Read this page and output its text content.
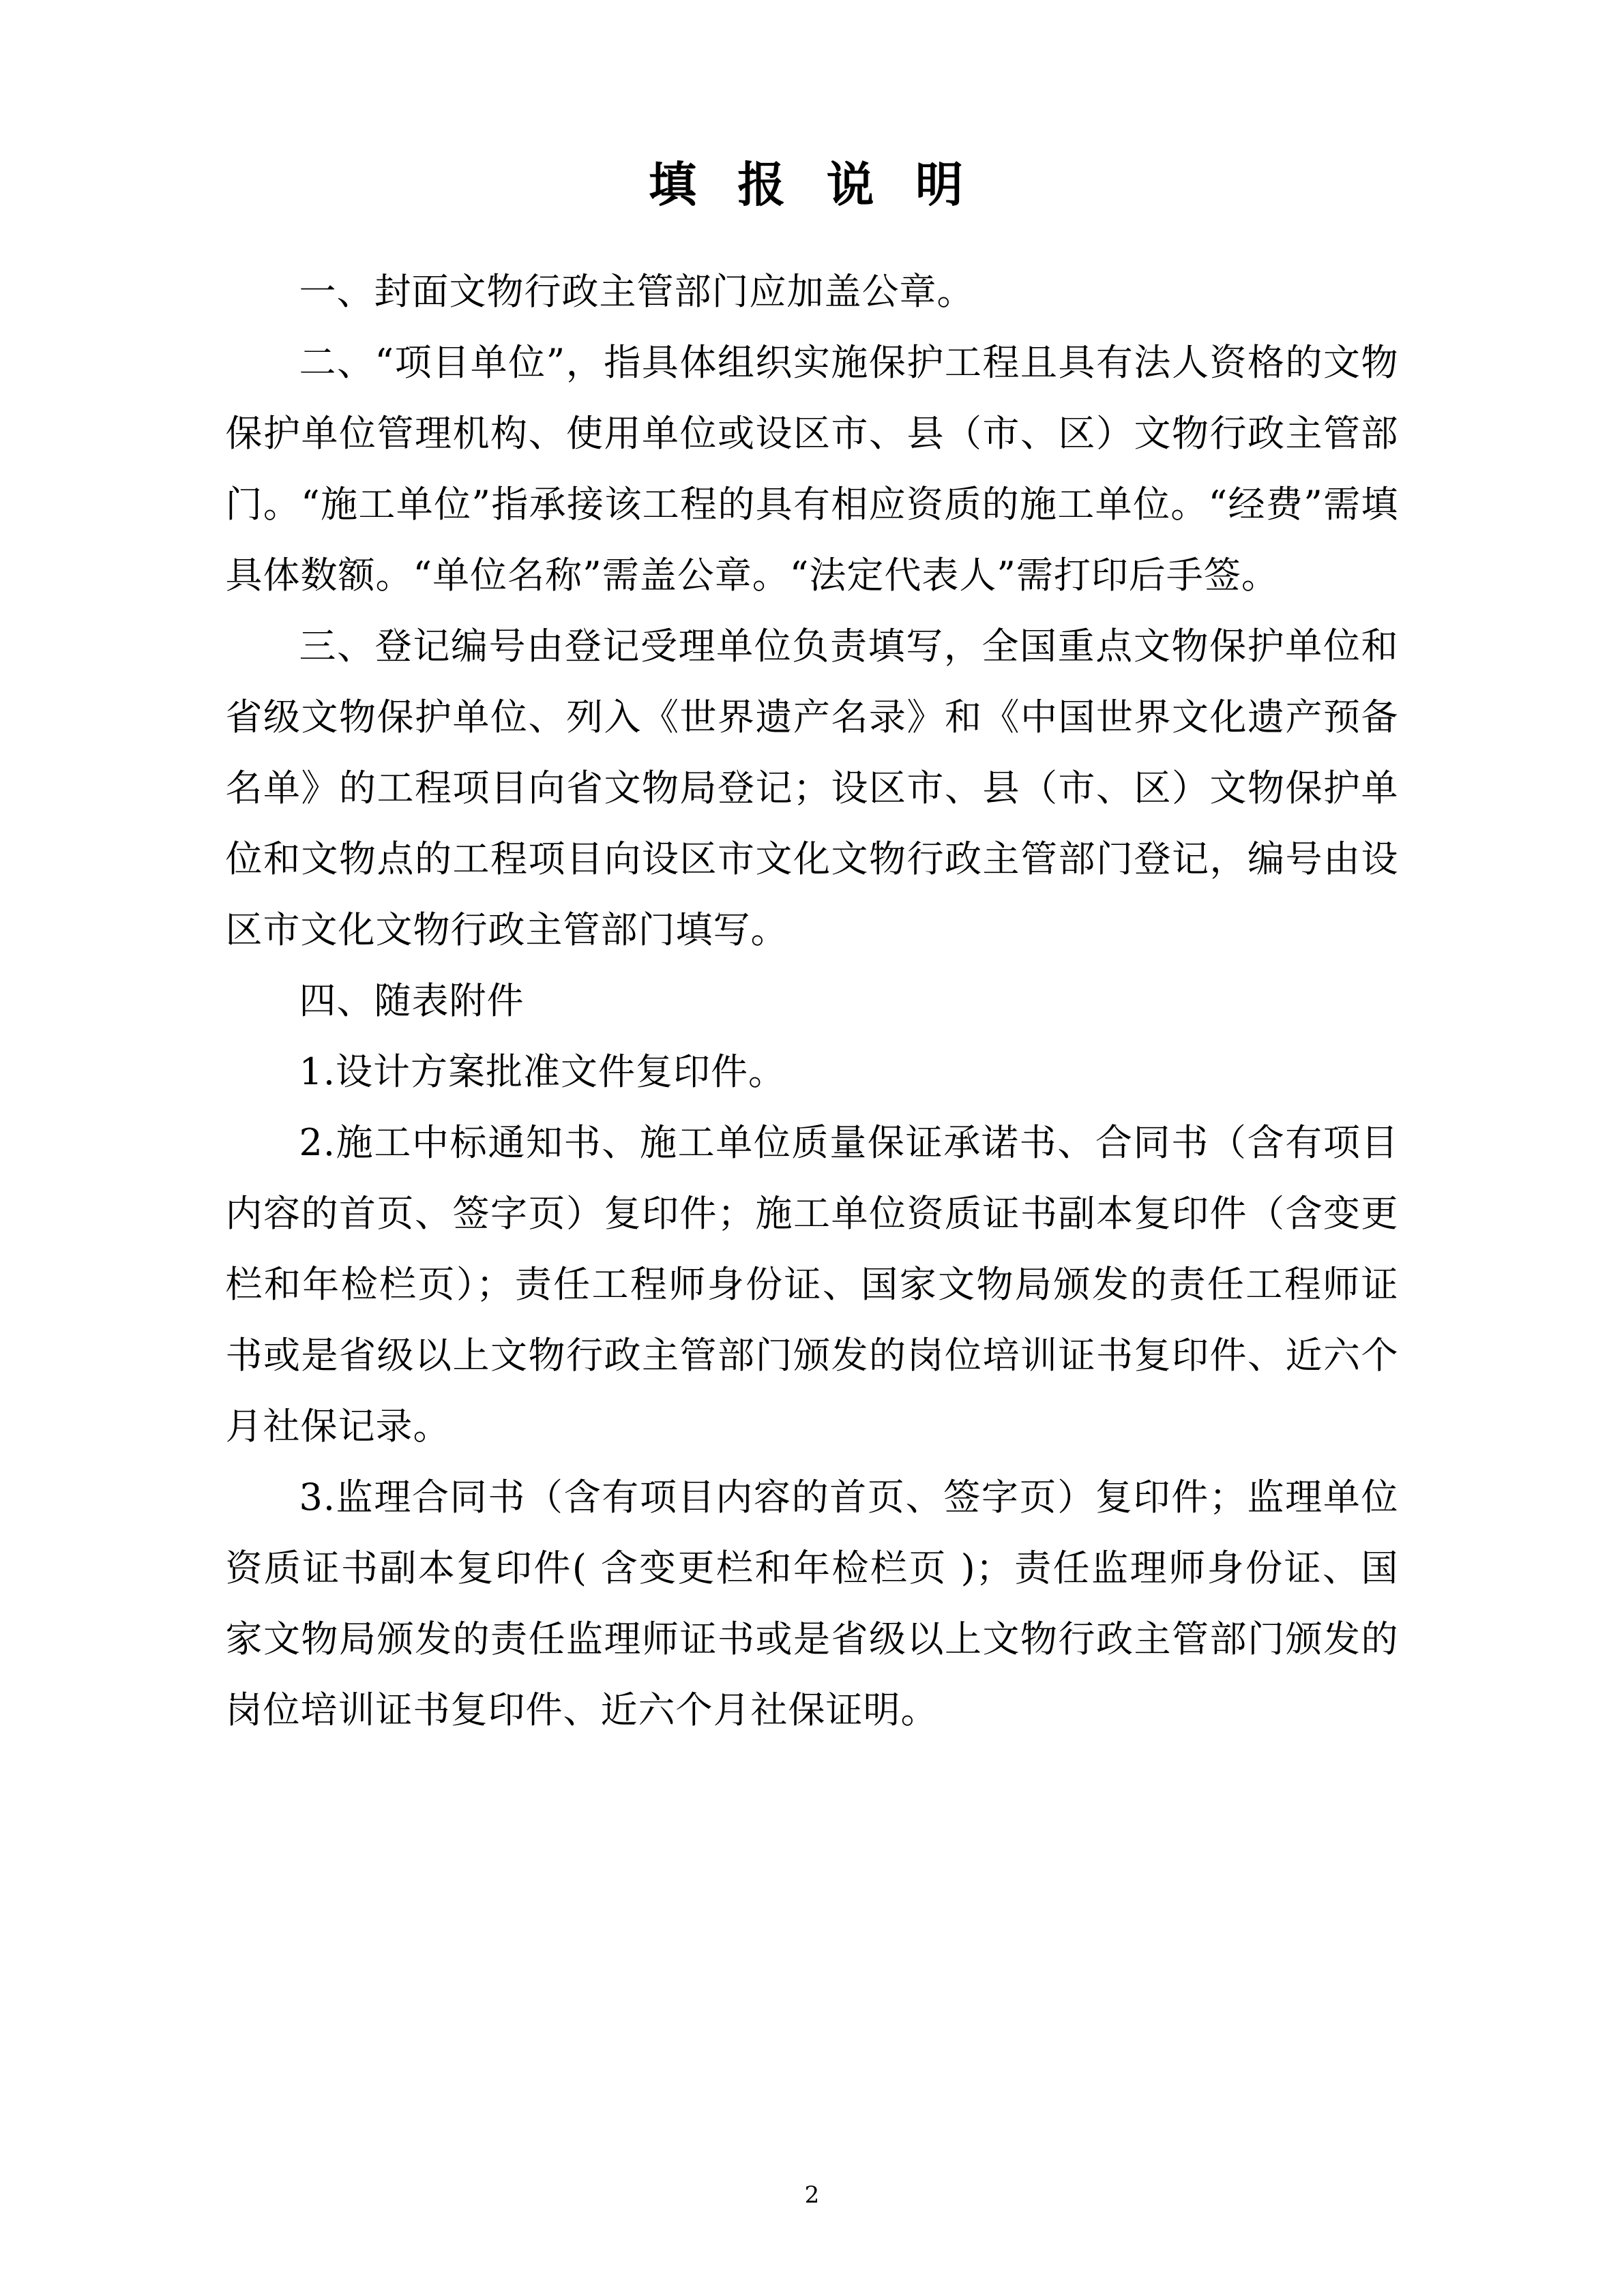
填 报 说 明

一、封面文物行政主管部门应加盖公章。

二、“项目单位”，指具体组织实施保护工程且具有法人资格的文物保护单位管理机构、使用单位或设区市、县（市、区）文物行政主管部门。“施工单位”指承接该工程的具有相应资质的施工单位。“经费”需填具体数额。“单位名称”需盖公章。“法定代表人”需打印后手签。

三、登记编号由登记受理单位负责填写，全国重点文物保护单位和省级文物保护单位、列入《世界遗产名录》和《中国世界文化遗产预备名单》的工程项目向省文物局登记；设区市、县（市、区）文物保护单位和文物点的工程项目向设区市文化文物行政主管部门登记，编号由设区市文化文物行政主管部门填写。

四、随表附件

1.设计方案批准文件复印件。

2.施工中标通知书、施工单位质量保证承诺书、合同书（含有项目内容的首页、签字页）复印件；施工单位资质证书副本复印件（含变更栏和年检栏页）；责任工程师身份证、国家文物局颁发的责任工程师证书或是省级以上文物行政主管部门颁发的岗位培训证书复印件、近六个月社保记录。

3.监理合同书（含有项目内容的首页、签字页）复印件；监理单位资质证书副本复印件( 含变更栏和年检栏页 )；责任监理师身份证、国家文物局颁发的责任监理师证书或是省级以上文物行政主管部门颁发的岗位培训证书复印件、近六个月社保证明。

2
